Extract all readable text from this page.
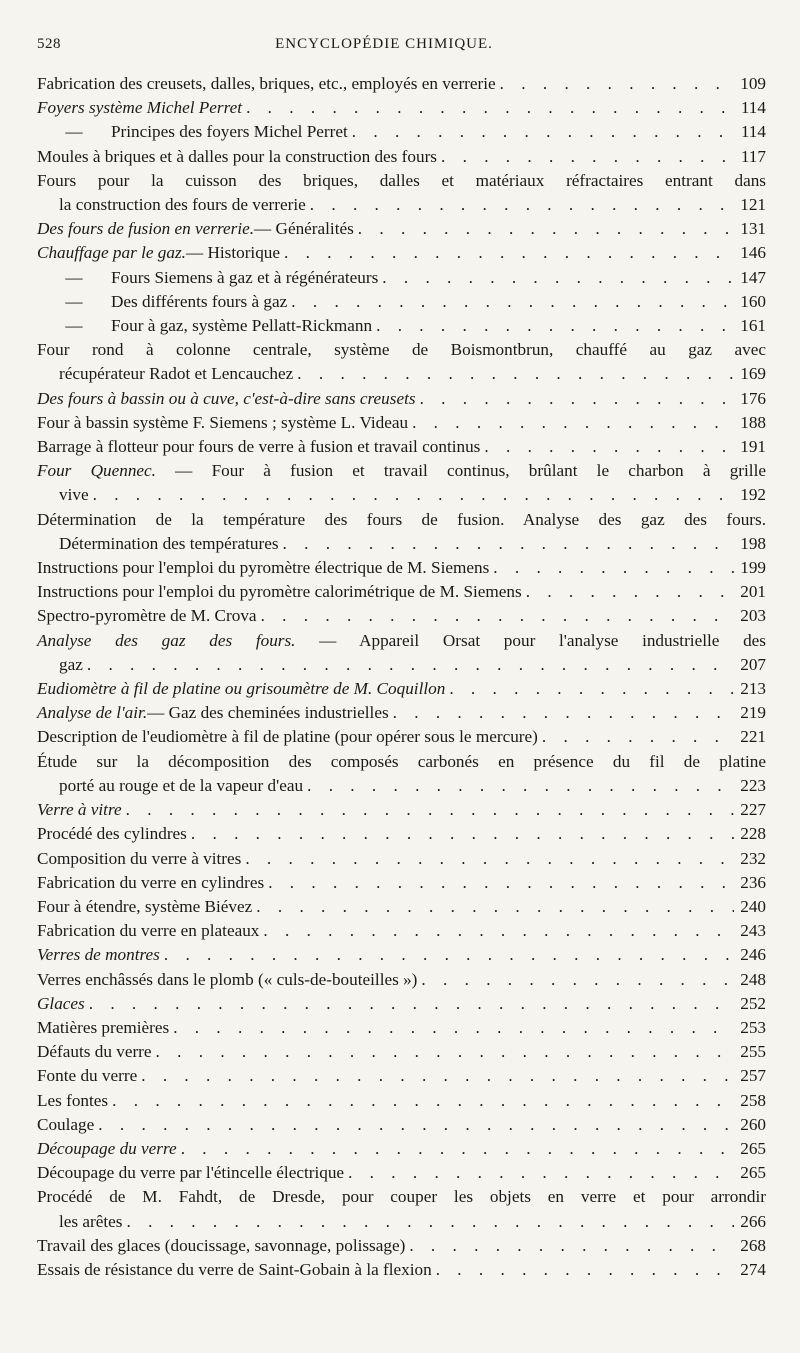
528	ENCYCLOPÉDIE CHIMIQUE.
Fabrication des creusets, dalles, briques, etc., employés en verrerie . . .	109
Foyers système Michel Perret . . .	114
—	Principes des foyers Michel Perret . . .	114
Moules à briques et à dalles pour la construction des fours . . .	117
Fours pour la cuisson des briques, dalles et matériaux réfractaires entrant dans
la construction des fours de verrerie . . .	121
Des fours de fusion en verrerie. — Généralités . . .	131
Chauffage par le gaz. — Historique . . .	146
—	Fours Siemens à gaz et à régénérateurs . . .	147
—	Des différents fours à gaz . . .	160
—	Four à gaz, système Pellatt-Rickmann . . .	161
Four rond à colonne centrale, système de Boismontbrun, chauffé au gaz avec
récupérateur Radot et Lencauchez . . .	169
Des fours à bassin ou à cuve, c'est-à-dire sans creusets . . .	176
Four à bassin système F. Siemens ; système L. Videau . . .	188
Barrage à flotteur pour fours de verre à fusion et travail continus . . .	191
Four Quennec. — Four à fusion et travail continus, brûlant le charbon à grille
vive . . .	192
Détermination de la température des fours de fusion. Analyse des gaz des fours.
Détermination des températures . . .	198
Instructions pour l'emploi du pyromètre électrique de M. Siemens . . .	199
Instructions pour l'emploi du pyromètre calorimétrique de M. Siemens . . .	201
Spectro-pyromètre de M. Crova . . .	203
Analyse des gaz des fours. — Appareil Orsat pour l'analyse industrielle des
gaz . . .	207
Eudiomètre à fil de platine ou grisoumètre de M. Coquillon . . .	213
Analyse de l'air. — Gaz des cheminées industrielles . . .	219
Description de l'eudiomètre à fil de platine (pour opérer sous le mercure) . . .	221
Étude sur la décomposition des composés carbonés en présence du fil de platine
porté au rouge et de la vapeur d'eau . . .	223
Verre à vitre . . .	227
Procédé des cylindres . . .	228
Composition du verre à vitres . . .	232
Fabrication du verre en cylindres . . .	236
Four à étendre, système Biévez . . .	240
Fabrication du verre en plateaux . . .	243
Verres de montres . . .	246
Verres enchâssés dans le plomb (« culs-de-bouteilles ») . . .	248
Glaces . . .	252
Matières premières . . .	253
Défauts du verre . . .	255
Fonte du verre . . .	257
Les fontes . . .	258
Coulage . . .	260
Découpage du verre . . .	265
Découpage du verre par l'étincelle électrique . . .	265
Procédé de M. Fahdt, de Dresde, pour couper les objets en verre et pour arrondir
les arêtes . . .	266
Travail des glaces (doucissage, savonnage, polissage) . . .	268
Essais de résistance du verre de Saint-Gobain à la flexion . . .	274
